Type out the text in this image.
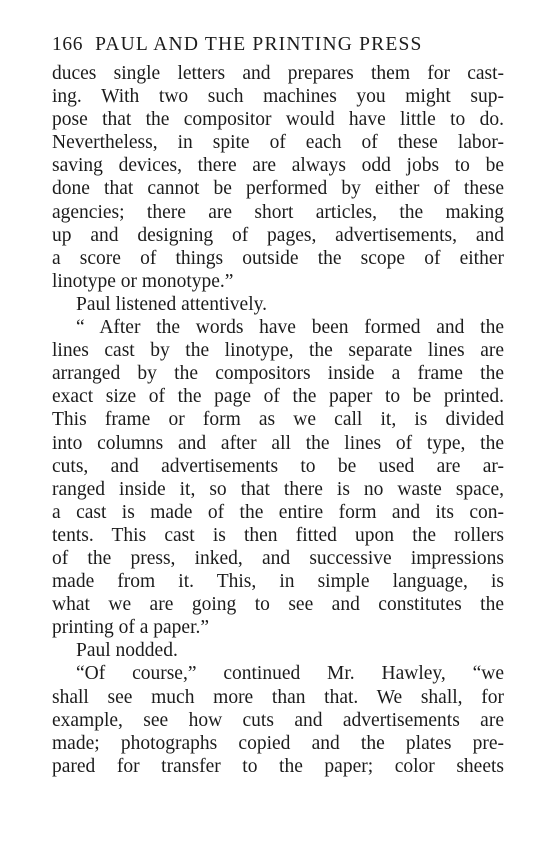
166 PAUL AND THE PRINTING PRESS
duces single letters and prepares them for cast-
ing. With two such machines you might sup-
pose that the compositor would have little to do.
Nevertheless, in spite of each of these labor-
saving devices, there are always odd jobs to be
done that cannot be performed by either of these
agencies; there are short articles, the making
up and designing of pages, advertisements, and
a score of things outside the scope of either
linotype or monotype.”
Paul listened attentively.
“ After the words have been formed and the
lines cast by the linotype, the separate lines are
arranged by the compositors inside a frame the
exact size of the page of the paper to be printed.
This frame or form as we call it, is divided
into columns and after all the lines of type, the
cuts, and advertisements to be used are ar-
ranged inside it, so that there is no waste space,
a cast is made of the entire form and its con-
tents. This cast is then fitted upon the rollers
of the press, inked, and successive impressions
made from it. This, in simple language, is
what we are going to see and constitutes the
printing of a paper.”
Paul nodded.
“Of course,” continued Mr. Hawley, “we
shall see much more than that. We shall, for
example, see how cuts and advertisements are
made; photographs copied and the plates pre-
pared for transfer to the paper; color sheets
